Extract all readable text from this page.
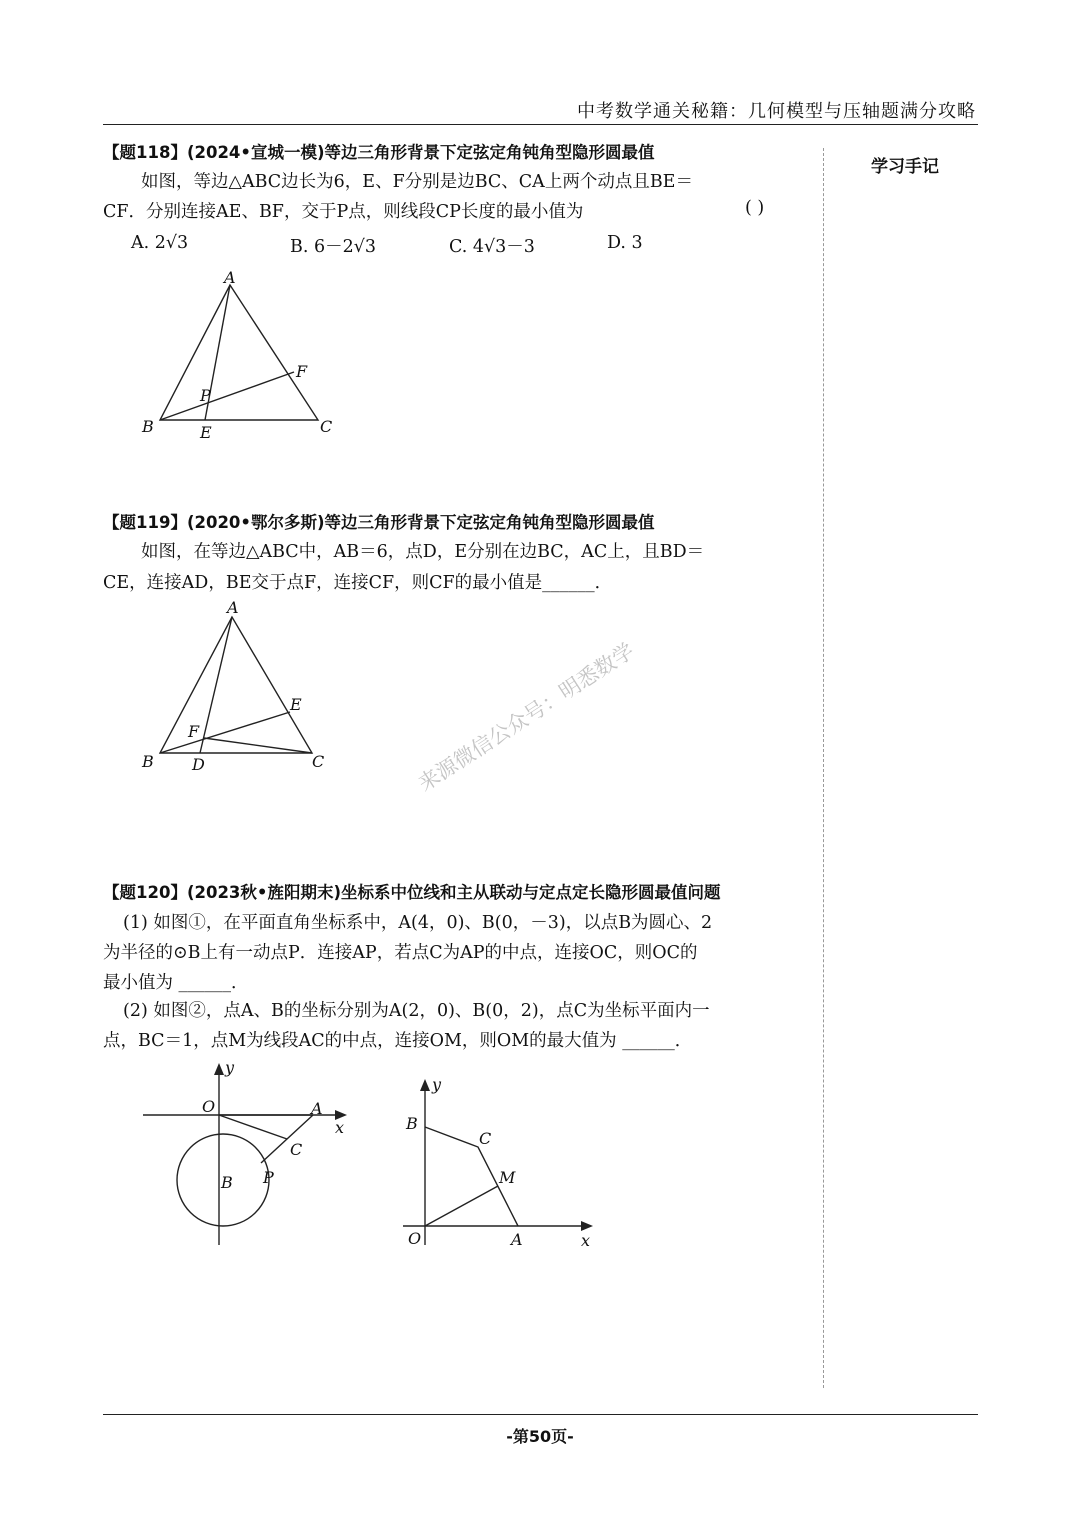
中考数学通关秘籍：几何模型与压轴题满分攻略
学习手记
【题118】(2024•宣城一模)等边三角形背景下定弦定角钝角型隐形圆最值
如图，等边△ABC边长为6，E、F分别是边BC、CA上两个动点且BE＝
CF．分别连接AE、BF，交于P点，则线段CP长度的最小值为	( )
A. 2√3	B. 6－2√3	C. 4√3－3	D. 3
A
B	C
E
F
P
【题119】(2020•鄂尔多斯)等边三角形背景下定弦定角钝角型隐形圆最值
如图，在等边△ABC中，AB＝6，点D，E分别在边BC，AC上，且BD＝
CE，连接AD，BE交于点F，连接CF，则CF的最小值是______．
A
B	C
D
E
F	来源微信公众号：明悉数学
【题120】(2023秋•旌阳期末)坐标系中位线和主从联动与定点定长隐形圆最值问题
(1) 如图①，在平面直角坐标系中，A(4，0)、B(0，－3)，以点B为圆心、2
为半径的⊙B上有一动点P．连接AP，若点C为AP的中点，连接OC，则OC的
最小值为 ______．
(2) 如图②，点A、B的坐标分别为A(2，0)、B(0，2)，点C为坐标平面内一
点，BC＝1，点M为线段AC的中点，连接OM，则OM的最大值为 ______．
y
x
O	A
B
C
P
y
x
O	A
B
C
M
-第50页-
